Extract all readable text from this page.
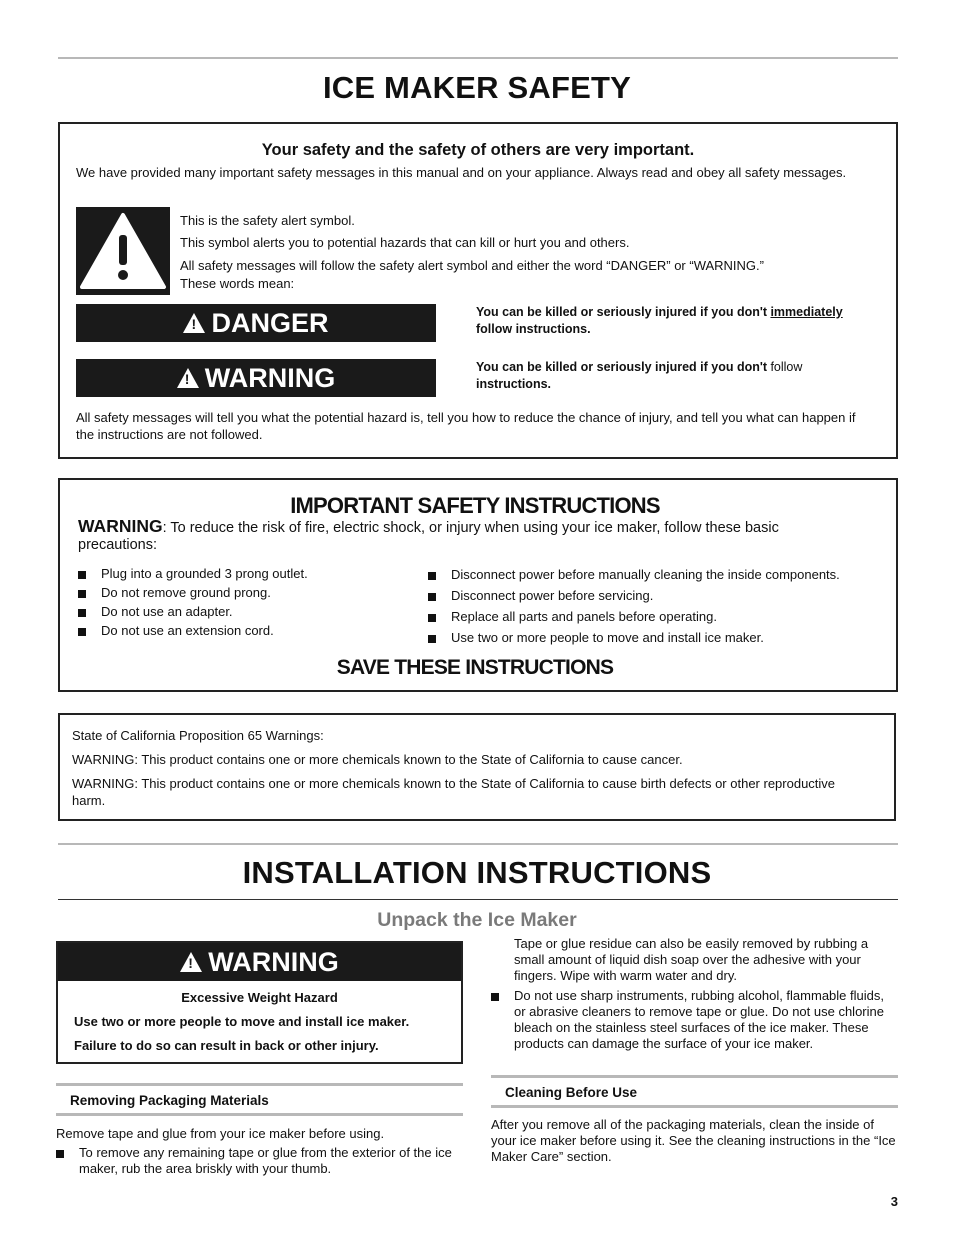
ICE MAKER SAFETY
Your safety and the safety of others are very important.
We have provided many important safety messages in this manual and on your appliance. Always read and obey all safety messages.
This is the safety alert symbol.
This symbol alerts you to potential hazards that can kill or hurt you and others.
All safety messages will follow the safety alert symbol and either the word “DANGER” or “WARNING.”
These words mean:
!
DANGER	You can be killed or seriously injured if you don't immediately
follow instructions.
!
WARNING	You can be killed or seriously injured if you don't follow
instructions.
All safety messages will tell you what the potential hazard is, tell you how to reduce the chance of injury, and tell you what can happen if the instructions are not followed.
IMPORTANT SAFETY INSTRUCTIONS
WARNING: To reduce the risk of fire, electric shock, or injury when using your ice maker, follow these basic
precautions:
Plug into a grounded 3 prong outlet.
Do not remove ground prong.
Do not use an adapter.
Do not use an extension cord.
Disconnect power before manually cleaning the inside components.
Disconnect power before servicing.
Replace all parts and panels before operating.
Use two or more people to move and install ice maker.
SAVE THESE INSTRUCTIONS
State of California Proposition 65 Warnings:
WARNING: This product contains one or more chemicals known to the State of California to cause cancer.
WARNING: This product contains one or more chemicals known to the State of California to cause birth defects or other reproductive harm.
INSTALLATION INSTRUCTIONS
Unpack the Ice Maker
!
WARNING
Excessive Weight Hazard
Use two or more people to move and install ice maker.
Failure to do so can result in back or other injury.
Removing Packaging Materials
Remove tape and glue from your ice maker before using.
To remove any remaining tape or glue from the exterior of the ice maker, rub the area briskly with your thumb.
Tape or glue residue can also be easily removed by rubbing a small amount of liquid dish soap over the adhesive with your fingers. Wipe with warm water and dry.
Do not use sharp instruments, rubbing alcohol, flammable fluids, or abrasive cleaners to remove tape or glue. Do not use chlorine bleach on the stainless steel surfaces of the ice maker. These products can damage the surface of your ice maker.
Cleaning Before Use
After you remove all of the packaging materials, clean the inside of your ice maker before using it. See the cleaning instructions in the “Ice Maker Care” section.
3
